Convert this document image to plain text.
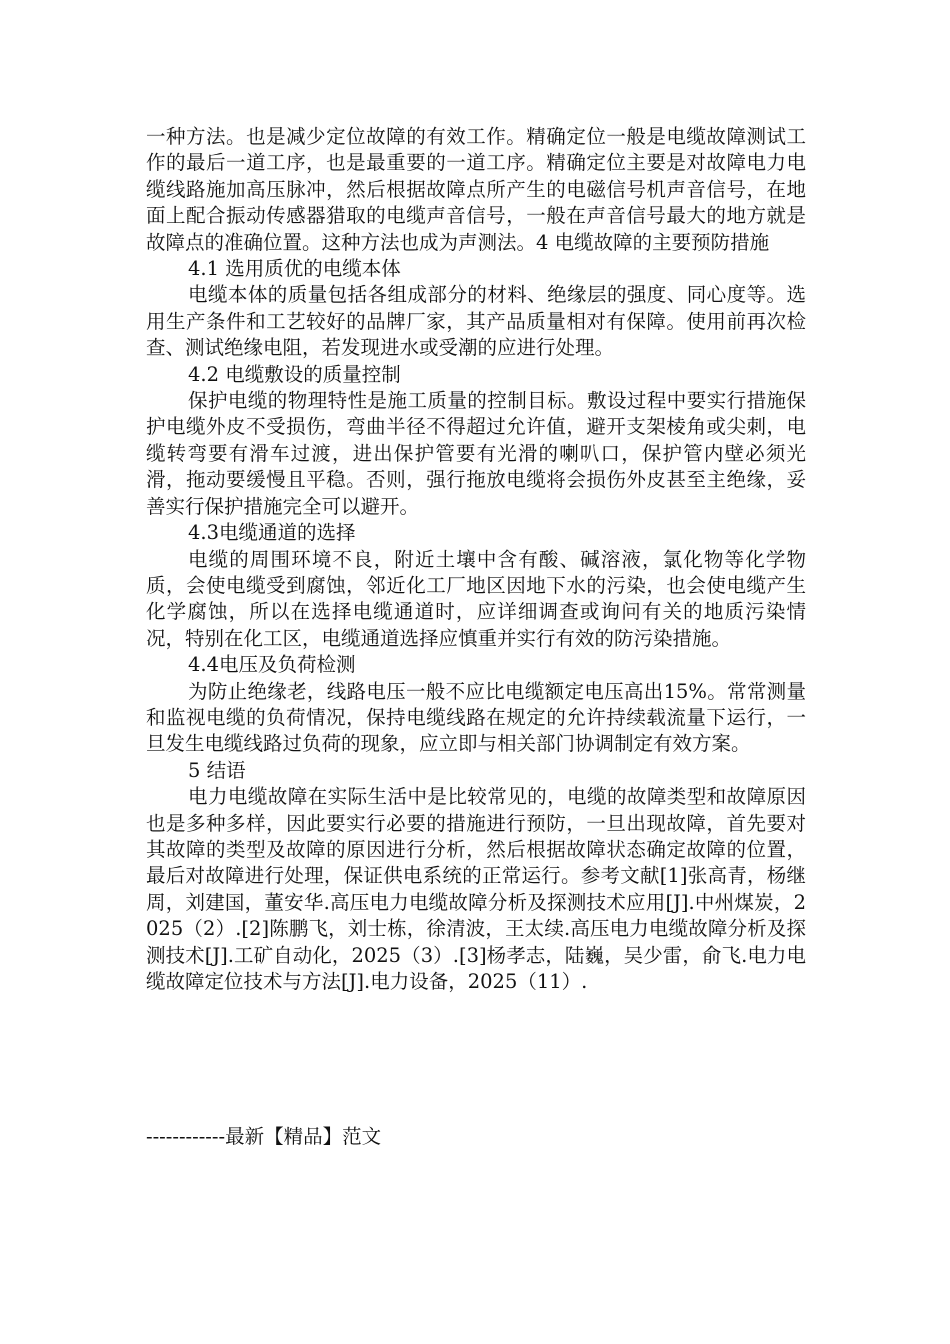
一种方法。也是减少定位故障的有效工作。精确定位一般是电缆故障测试工作的最后一道工序，也是最重要的一道工序。精确定位主要是对故障电力电缆线路施加高压脉冲，然后根据故障点所产生的电磁信号机声音信号，在地面上配合振动传感器猎取的电缆声音信号，一般在声音信号最大的地方就是故障点的准确位置。这种方法也成为声测法。4 电缆故障的主要预防措施

4.1 选用质优的电缆本体

电缆本体的质量包括各组成部分的材料、绝缘层的强度、同心度等。选用生产条件和工艺较好的品牌厂家，其产品质量相对有保障。使用前再次检查、测试绝缘电阻，若发现进水或受潮的应进行处理。

4.2 电缆敷设的质量控制

保护电缆的物理特性是施工质量的控制目标。敷设过程中要实行措施保护电缆外皮不受损伤，弯曲半径不得超过允许值，避开支架棱角或尖刺，电缆转弯要有滑车过渡，进出保护管要有光滑的喇叭口，保护管内壁必须光滑，拖动要缓慢且平稳。否则，强行拖放电缆将会损伤外皮甚至主绝缘，妥善实行保护措施完全可以避开。

4.3电缆通道的选择

电缆的周围环境不良，附近土壤中含有酸、碱溶液，氯化物等化学物质，会使电缆受到腐蚀，邻近化工厂地区因地下水的污染，也会使电缆产生化学腐蚀，所以在选择电缆通道时，应详细调查或询问有关的地质污染情况，特别在化工区，电缆通道选择应慎重并实行有效的防污染措施。

4.4电压及负荷检测

为防止绝缘老，线路电压一般不应比电缆额定电压高出15%。常常测量和监视电缆的负荷情况，保持电缆线路在规定的允许持续载流量下运行，一旦发生电缆线路过负荷的现象，应立即与相关部门协调制定有效方案。

5 结语

电力电缆故障在实际生活中是比较常见的，电缆的故障类型和故障原因也是多种多样，因此要实行必要的措施进行预防，一旦出现故障，首先要对其故障的类型及故障的原因进行分析，然后根据故障状态确定故障的位置，最后对故障进行处理，保证供电系统的正常运行。参考文献[1]张高青，杨继周，刘建国，董安华.高压电力电缆故障分析及探测技术应用[J].中州煤炭，2025（2）.[2]陈鹏飞，刘士栋，徐清波，王太续.高压电力电缆故障分析及探测技术[J].工矿自动化，2025（3）.[3]杨孝志，陆巍，吴少雷，俞飞.电力电缆故障定位技术与方法[J].电力设备，2025（11）.

------------最新【精品】范文
